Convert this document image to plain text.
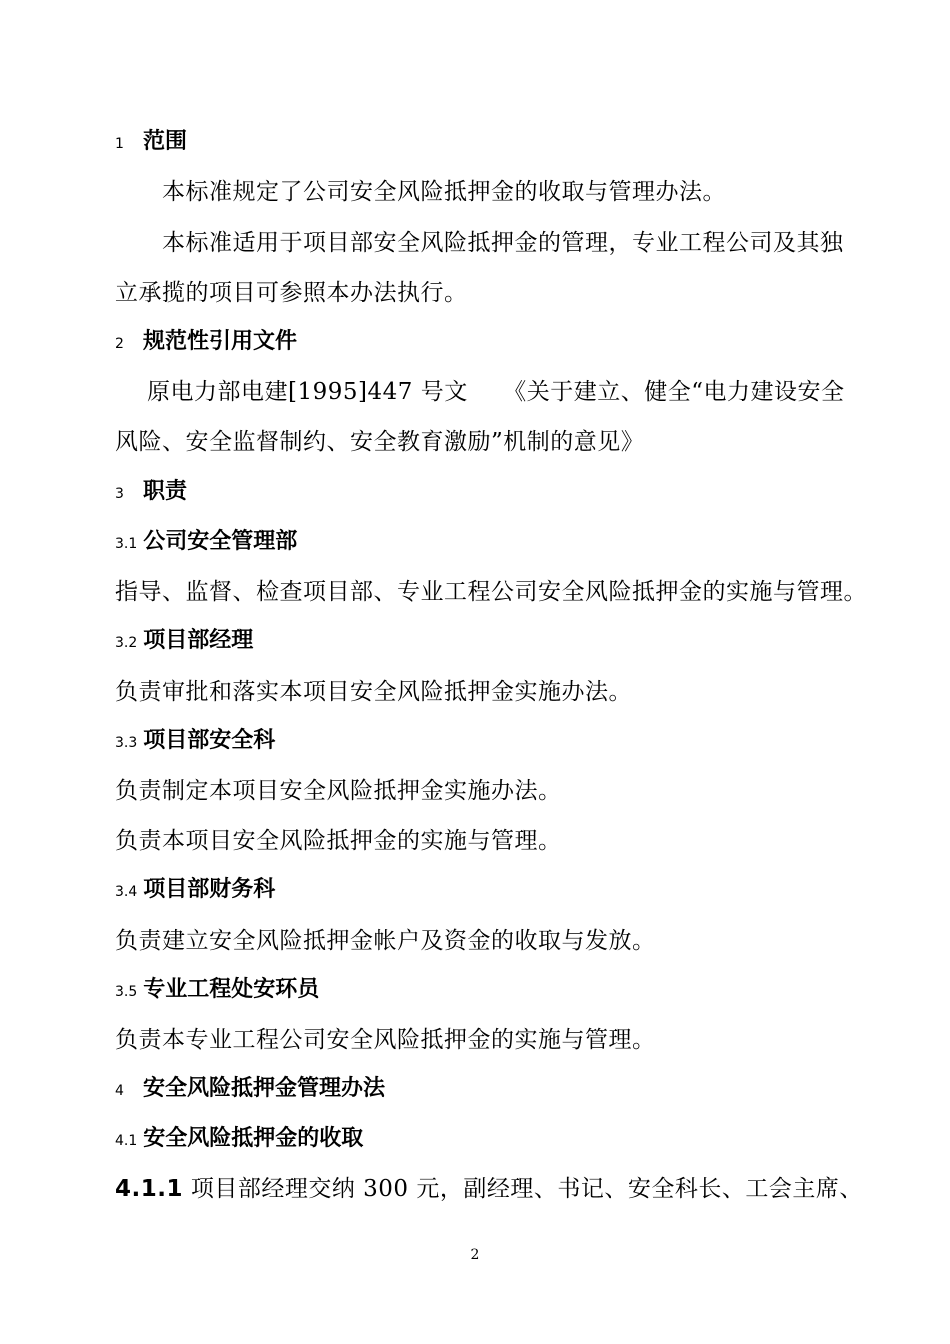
1 范围
本标准规定了公司安全风险抵押金的收取与管理办法。
本标准适用于项目部安全风险抵押金的管理，专业工程公司及其独
立承揽的项目可参照本办法执行。
2 规范性引用文件
原电力部电建[1995]447 号文　　《关于建立、健全“电力建设安全
风险、安全监督制约、安全教育激励”机制的意见》
3 职责
3.1 公司安全管理部
指导、监督、检查项目部、专业工程公司安全风险抵押金的实施与管理。
3.2 项目部经理
负责审批和落实本项目安全风险抵押金实施办法。
3.3 项目部安全科
负责制定本项目安全风险抵押金实施办法。
负责本项目安全风险抵押金的实施与管理。
3.4 项目部财务科
负责建立安全风险抵押金帐户及资金的收取与发放。
3.5 专业工程处安环员
负责本专业工程公司安全风险抵押金的实施与管理。
4 安全风险抵押金管理办法
4.1 安全风险抵押金的收取
4.1.1 项目部经理交纳 300 元，副经理、书记、安全科长、工会主席、
2
